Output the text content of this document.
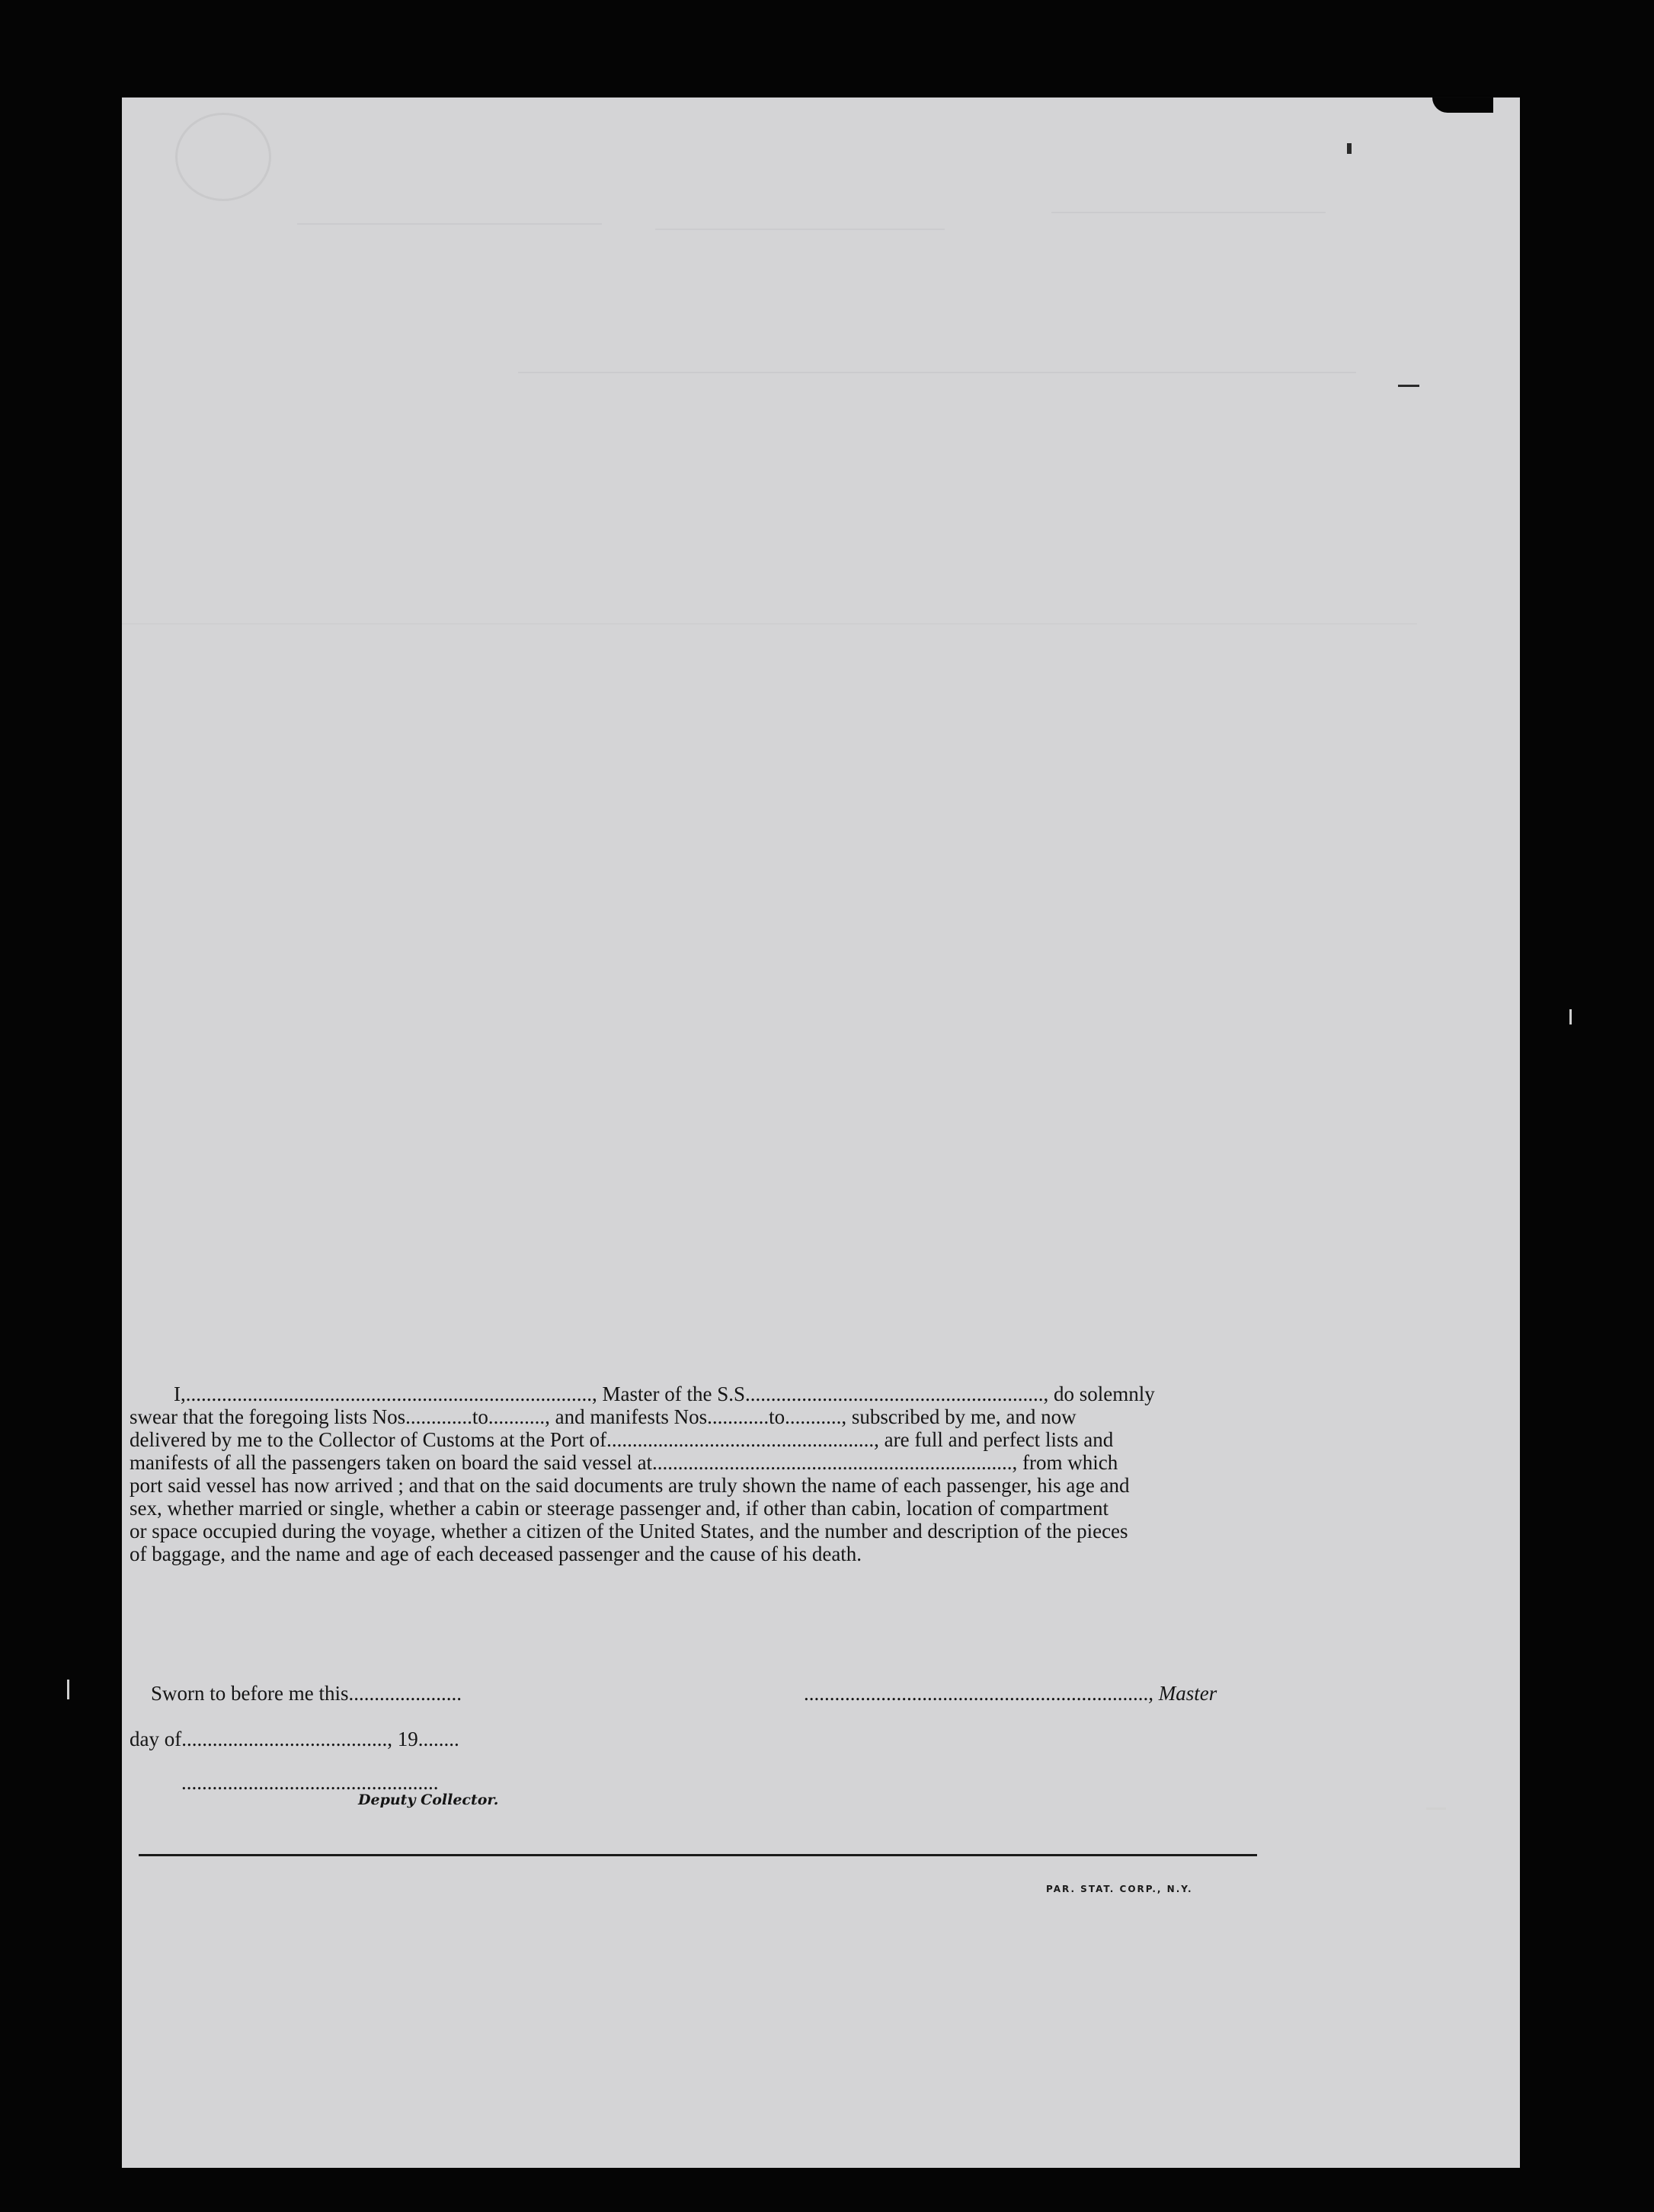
I,..............................................................................., Master of the S.S.........................................................., do solemnly

swear that the foregoing lists Nos.............to..........., and manifests Nos............to..........., subscribed by me, and now
delivered by me to the Collector of Customs at the Port of...................................................., are full and perfect lists and
manifests of all the passengers taken on board the said vessel at......................................................................, from which
port said vessel has now arrived ; and that on the said documents are truly shown the name of each passenger, his age and
sex, whether married or single, whether a cabin or steerage passenger and, if other than cabin, location of compartment
or space occupied during the voyage, whether a citizen of the United States, and the number and description of the pieces
of baggage, and the name and age of each deceased passenger and the cause of his death.
Sworn to before me this......................	..................................................................., Master
day of........................................, 19........
..................................................
Deputy Collector.
PAR. STAT. CORP., N.Y.
